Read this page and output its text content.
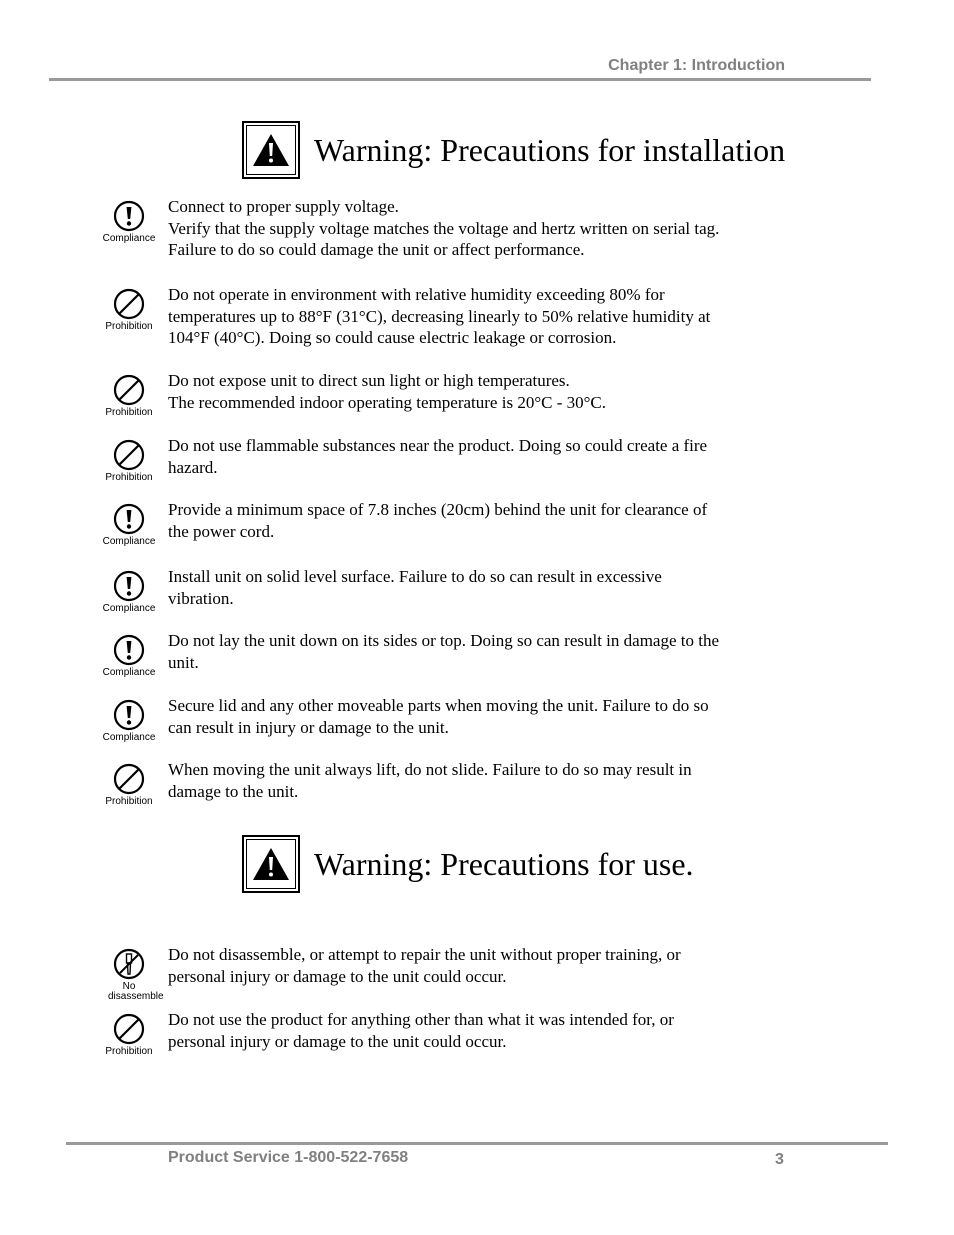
Chapter 1: Introduction
Warning: Precautions for installation
Compliance
Connect to proper supply voltage.
Verify that the supply voltage matches the voltage and hertz written on serial tag.
Failure to do so could damage the unit or affect performance.
Prohibition
Do not operate in environment with relative humidity exceeding 80% for
temperatures up to 88°F (31°C), decreasing linearly to 50% relative humidity at
104°F (40°C). Doing so could cause electric leakage or corrosion.
Prohibition
Do not expose unit to direct sun light or high temperatures.
The recommended indoor operating temperature is 20°C - 30°C.
Prohibition
Do not use flammable substances near the product. Doing so could create a fire
hazard.
Compliance
Provide a minimum space of 7.8 inches (20cm) behind the unit for clearance of
the power cord.
Compliance
Install unit on solid level surface. Failure to do so can result in excessive
vibration.
Compliance
Do not lay the unit down on its sides or top. Doing so can result in damage to the
unit.
Compliance
Secure lid and any other moveable parts when moving the unit. Failure to do so
can result in injury or damage to the unit.
Prohibition
When moving the unit always lift, do not slide. Failure to do so may result in
damage to the unit.
Warning: Precautions for use.
No disassemble
Do not disassemble, or attempt to repair the unit without proper training, or
personal injury or damage to the unit could occur.
Prohibition
Do not use the product for anything other than what it was intended for, or
personal injury or damage to the unit could occur.
Product Service 1-800-522-7658	3
